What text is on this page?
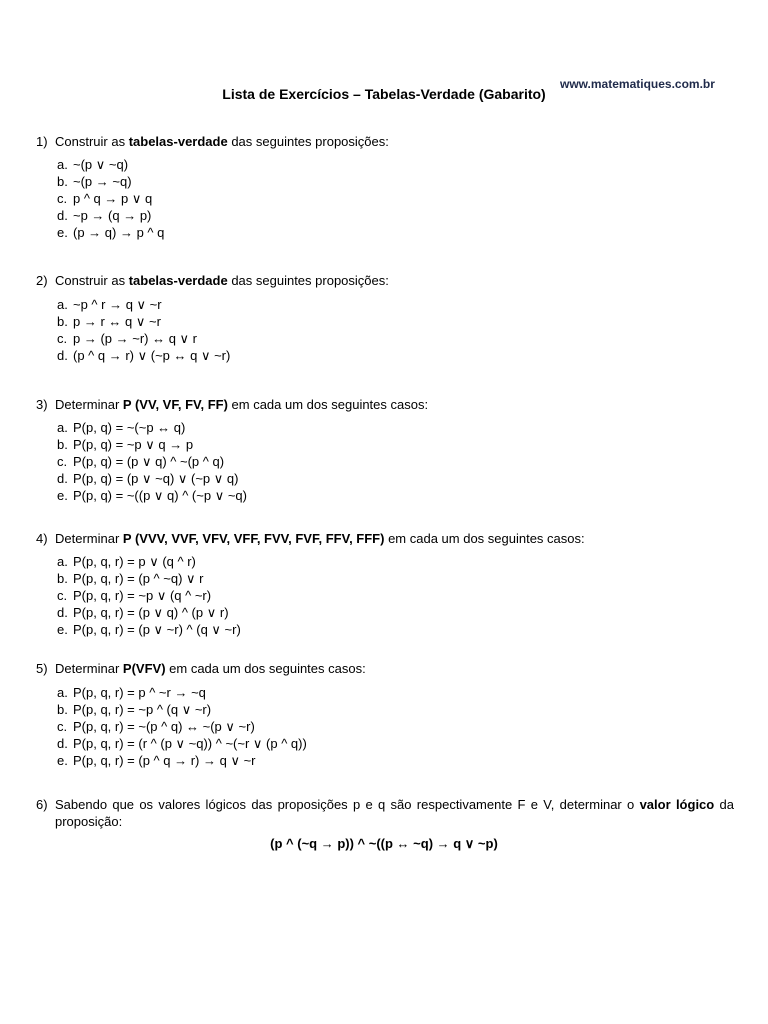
www.matematiques.com.br
Lista de Exercícios – Tabelas-Verdade (Gabarito)
1) Construir as tabelas-verdade das seguintes proposições:
a. ~(p ∨ ~q)
b. ~(p → ~q)
c. p ^ q → p ∨ q
d. ~p → (q → p)
e. (p → q) → p ^ q
2) Construir as tabelas-verdade das seguintes proposições:
a. ~p ^ r → q ∨ ~r
b. p → r ↔ q ∨ ~r
c. p → (p → ~r) ↔ q ∨ r
d. (p ^ q → r) ∨ (~p ↔ q ∨ ~r)
3) Determinar P (VV, VF, FV, FF) em cada um dos seguintes casos:
a. P(p, q) = ~(~p ↔ q)
b. P(p, q) = ~p ∨ q → p
c. P(p, q) = (p ∨ q) ^ ~(p ^ q)
d. P(p, q) = (p ∨ ~q) ∨ (~p ∨ q)
e. P(p, q) = ~((p ∨ q) ^ (~p ∨ ~q)
4) Determinar P (VVV, VVF, VFV, VFF, FVV, FVF, FFV, FFF) em cada um dos seguintes casos:
a. P(p, q, r) = p ∨ (q ^ r)
b. P(p, q, r) = (p ^ ~q) ∨ r
c. P(p, q, r) = ~p ∨ (q ^ ~r)
d. P(p, q, r) = (p ∨ q) ^ (p ∨ r)
e. P(p, q, r) = (p ∨ ~r) ^ (q ∨ ~r)
5) Determinar P(VFV) em cada um dos seguintes casos:
a. P(p, q, r) = p ^ ~r → ~q
b. P(p, q, r) = ~p ^ (q ∨ ~r)
c. P(p, q, r) = ~(p ^ q) ↔ ~(p ∨ ~r)
d. P(p, q, r) = (r ^ (p ∨ ~q)) ^ ~(~r ∨ (p ^ q))
e. P(p, q, r) = (p ^ q → r) → q ∨ ~r
6) Sabendo que os valores lógicos das proposições p e q são respectivamente F e V, determinar o valor lógico da proposição:
(p ^ (~q → p)) ^ ~((p ↔ ~q) → q ∨ ~p)
